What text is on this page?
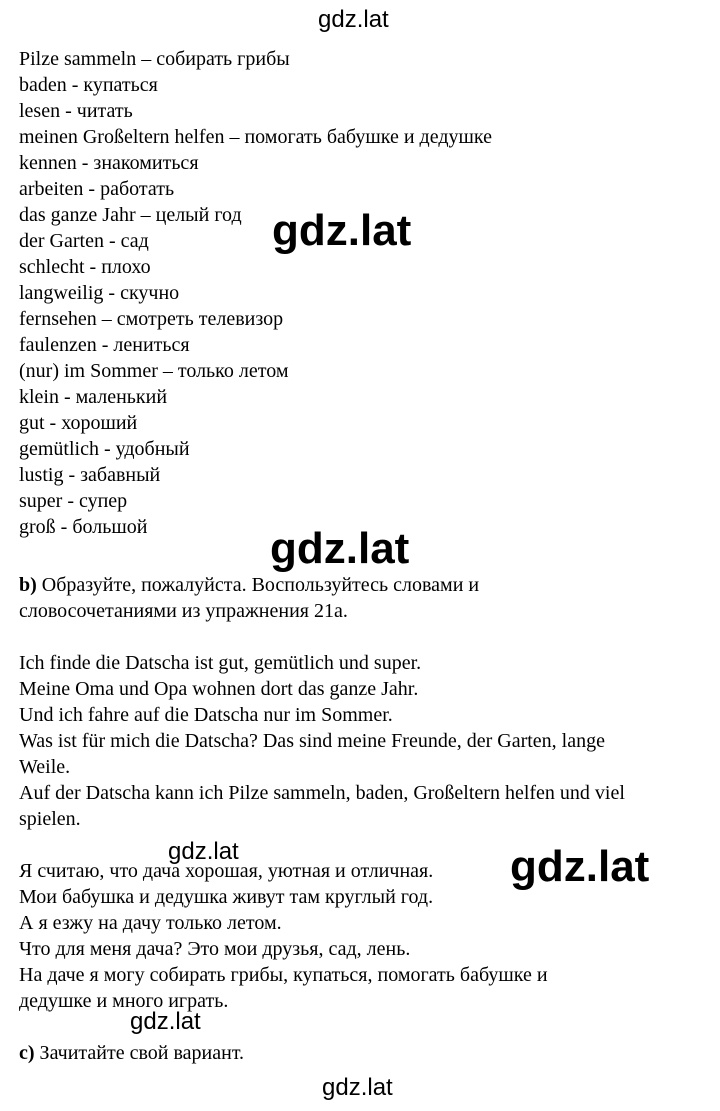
gdz.lat
Pilze sammeln – собирать грибы
baden - купаться
lesen - читать
meinen Großeltern helfen – помогать бабушке и дедушке
kennen - знакомиться
arbeiten - работать
das ganze Jahr – целый год
der Garten - сад
schlecht - плохо
langweilig - скучно
fernsehen – смотреть телевизор
faulenzen - лениться
(nur) im Sommer – только летом
klein - маленький
gut - хороший
gemütlich - удобный
lustig - забавный
super - супер
groß - большой
gdz.lat
gdz.lat
b) Образуйте, пожалуйста. Воспользуйтесь словами и
словосочетаниями из упражнения 21a.
Ich finde die Datscha ist gut, gemütlich und super.
Meine Oma und Opa wohnen dort das ganze Jahr.
Und ich fahre auf die Datscha nur im Sommer.
Was ist für mich die Datscha? Das sind meine Freunde, der Garten, lange
Weile.
Auf der Datscha kann ich Pilze sammeln, baden, Großeltern helfen und viel
spielen.
gdz.lat	gdz.lat
Я считаю, что дача хорошая, уютная и отличная.
Мои бабушка и дедушка живут там круглый год.
А я езжу на дачу только летом.
Что для меня дача? Это мои друзья, сад, лень.
На даче я могу собирать грибы, купаться, помогать бабушке и
дедушке и много играть.
gdz.lat
c) Зачитайте свой вариант.
gdz.lat
